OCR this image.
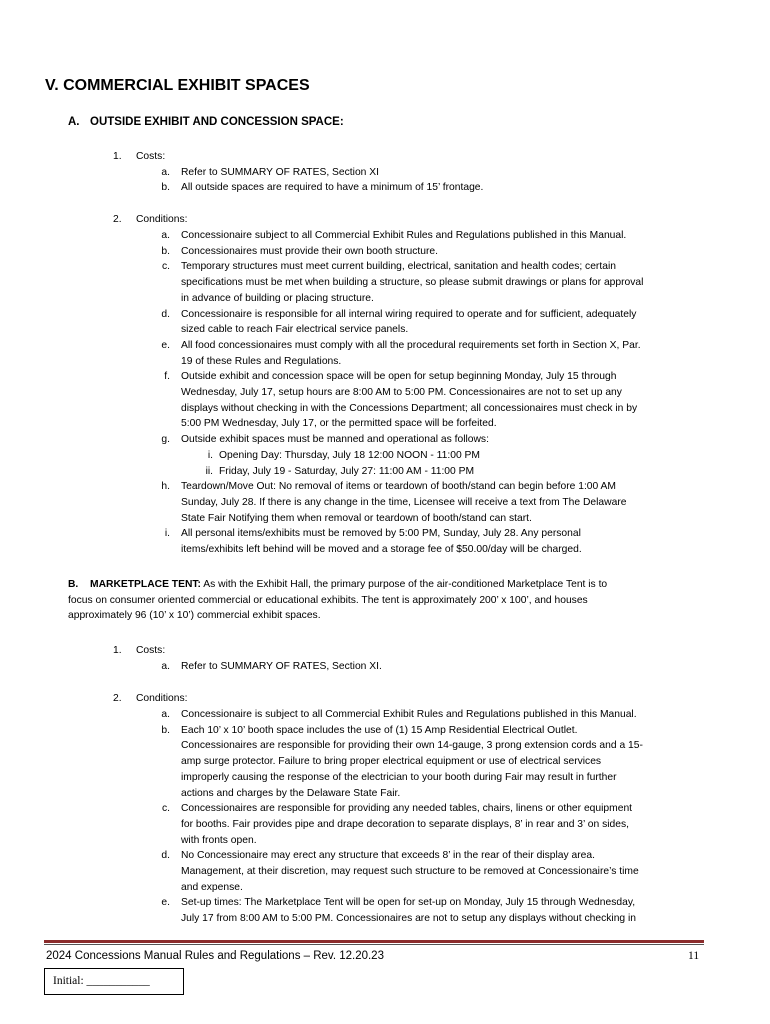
V. COMMERCIAL EXHIBIT SPACES
A. OUTSIDE EXHIBIT AND CONCESSION SPACE:
1.	Costs:
a. Refer to SUMMARY OF RATES, Section XI
b. All outside spaces are required to have a minimum of 15’ frontage.
2.	Conditions:
a. Concessionaire subject to all Commercial Exhibit Rules and Regulations published in this Manual.
b. Concessionaires must provide their own booth structure.
c. Temporary structures must meet current building, electrical, sanitation and health codes; certain
specifications must be met when building a structure, so please submit drawings or plans for approval
in advance of building or placing structure.
d. Concessionaire is responsible for all internal wiring required to operate and for sufficient, adequately
sized cable to reach Fair electrical service panels.
e. All food concessionaires must comply with all the procedural requirements set forth in Section X, Par.
19 of these Rules and Regulations.
f. Outside exhibit and concession space will be open for setup beginning Monday, July 15 through
Wednesday, July 17, setup hours are 8:00 AM to 5:00 PM. Concessionaires are not to set up any
displays without checking in with the Concessions Department; all concessionaires must check in by
5:00 PM Wednesday, July 17, or the permitted space will be forfeited.
g. Outside exhibit spaces must be manned and operational as follows:
h. Teardown/Move Out: No removal of items or teardown of booth/stand can begin before 1:00 AM
Sunday, July 28. If there is any change in the time, Licensee will receive a text from The Delaware
State Fair Notifying them when removal or teardown of booth/stand can start.
i. All personal items/exhibits must be removed by 5:00 PM, Sunday, July 28. Any personal
items/exhibits left behind will be moved and a storage fee of $50.00/day will be charged.
i. Opening Day: Thursday, July 18 12:00 NOON - 11:00 PM
ii. Friday, July 19 - Saturday, July 27: 11:00 AM - 11:00 PM
B. MARKETPLACE TENT: As with the Exhibit Hall, the primary purpose of the air-conditioned Marketplace Tent is to
focus on consumer oriented commercial or educational exhibits. The tent is approximately 200’ x 100’, and houses
approximately 96 (10’ x 10’) commercial exhibit spaces.
1.	Costs:
a. Refer to SUMMARY OF RATES, Section XI.
2.	Conditions:
a. Concessionaire is subject to all Commercial Exhibit Rules and Regulations published in this Manual.
b. Each 10’ x 10’ booth space includes the use of (1) 15 Amp Residential Electrical Outlet.
Concessionaires are responsible for providing their own 14-gauge, 3 prong extension cords and a 15-
amp surge protector. Failure to bring proper electrical equipment or use of electrical services
improperly causing the response of the electrician to your booth during Fair may result in further
actions and charges by the Delaware State Fair.
c. Concessionaires are responsible for providing any needed tables, chairs, linens or other equipment
for booths. Fair provides pipe and drape decoration to separate displays, 8’ in rear and 3’ on sides,
with fronts open.
d. No Concessionaire may erect any structure that exceeds 8’ in the rear of their display area.
Management, at their discretion, may request such structure to be removed at Concessionaire’s time
and expense.
e. Set-up times: The Marketplace Tent will be open for set-up on Monday, July 15 through Wednesday,
July 17 from 8:00 AM to 5:00 PM. Concessionaires are not to setup any displays without checking in
2024 Concessions Manual Rules and Regulations – Rev. 12.20.23	11
Initial: ___________
